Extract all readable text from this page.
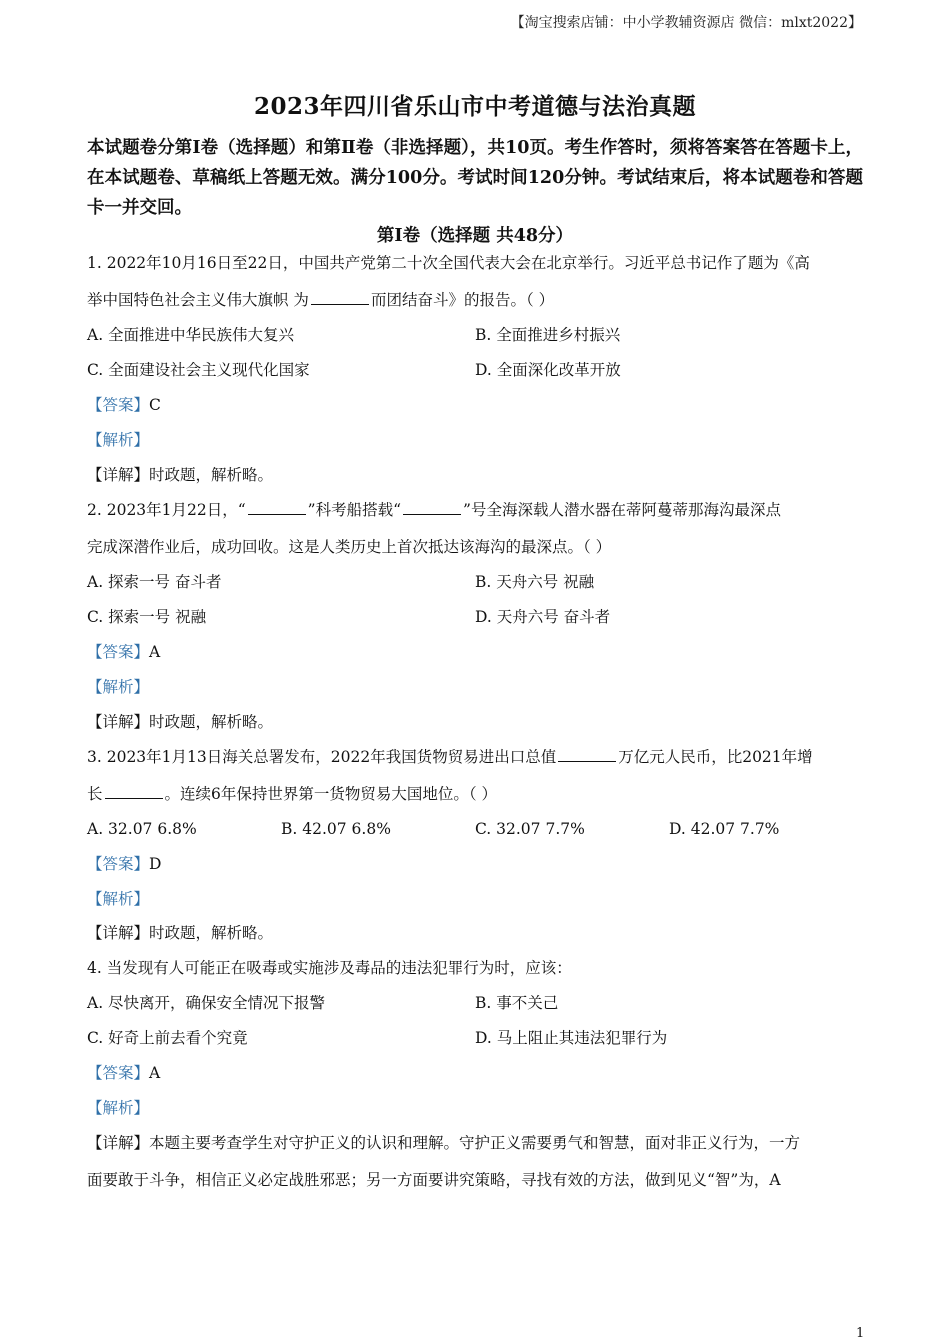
【淘宝搜索店铺：中小学教辅资源店 微信：mlxt2022】
2023年四川省乐山市中考道德与法治真题
本试题卷分第Ⅰ卷（选择题）和第Ⅱ卷（非选择题），共10页。考生作答时，须将答案答在答题卡上，在本试题卷、草稿纸上答题无效。满分100分。考试时间120分钟。考试结束后，将本试题卷和答题卡一并交回。
第Ⅰ卷（选择题 共48分）
1. 2022年10月16日至22日，中国共产党第二十次全国代表大会在北京举行。习近平总书记作了题为《高
举中国特色社会主义伟大旗帜 为	而团结奋斗》的报告。（ ）
A. 全面推进中华民族伟大复兴	B. 全面推进乡村振兴
C. 全面建设社会主义现代化国家	D. 全面深化改革开放
【答案】C
【解析】
【详解】时政题，解析略。
2. 2023年1月22日，“	”科考船搭载“	”号全海深载人潜水器在蒂阿蔓蒂那海沟最深点
完成深潜作业后，成功回收。这是人类历史上首次抵达该海沟的最深点。（ ）
A. 探索一号 奋斗者	B. 天舟六号 祝融
C. 探索一号 祝融	D. 天舟六号 奋斗者
【答案】A
【解析】
【详解】时政题，解析略。
3. 2023年1月13日海关总署发布，2022年我国货物贸易进出口总值	万亿元人民币，比2021年增
长	。连续6年保持世界第一货物贸易大国地位。（ ）
A. 32.07 6.8%	B. 42.07 6.8%	C. 32.07 7.7%	D. 42.07 7.7%
【答案】D
【解析】
【详解】时政题，解析略。
4. 当发现有人可能正在吸毒或实施涉及毒品的违法犯罪行为时，应该：
A. 尽快离开，确保安全情况下报警	B. 事不关己
C. 好奇上前去看个究竟	D. 马上阻止其违法犯罪行为
【答案】A
【解析】
【详解】本题主要考查学生对守护正义的认识和理解。守护正义需要勇气和智慧，面对非正义行为，一方
面要敢于斗争，相信正义必定战胜邪恶；另一方面要讲究策略，寻找有效的方法，做到见义“智”为，A
1
